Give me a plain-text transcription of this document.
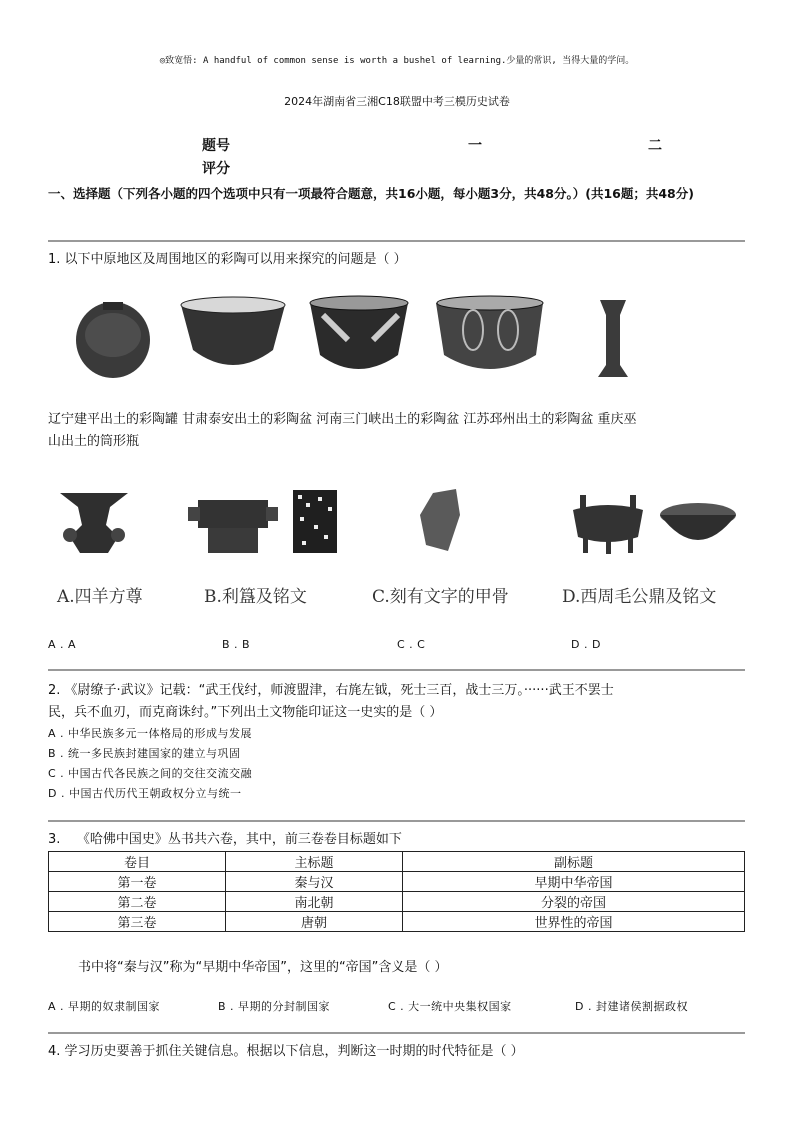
◎致宽悟: A handful of common sense is worth a bushel of learning.少量的常识, 当得大量的学问。
2024年湖南省三湘C18联盟中考三模历史试卷
题号	一	二
评分
一、选择题（下列各小题的四个选项中只有一项最符合题意，共16小题，每小题3分，共48分。）(共16题；共48分)
1. 以下中原地区及周围地区的彩陶可以用来探究的问题是（ ）
辽宁建平出土的彩陶罐 甘肃泰安出土的彩陶盆 河南三门峡出土的彩陶盆 江苏邳州出土的彩陶盆 重庆巫
山出土的筒形瓶
A.四羊方尊	B.利簋及铭文	C.刻有文字的甲骨	D.西周毛公鼎及铭文
A . A	B . B	C . C	D . D
2. 《尉缭子·武议》记载：“武王伐纣，师渡盟津，右旄左钺，死士三百，战士三万。······武王不罢士
民，兵不血刃，而克商诛纣。”下列出土文物能印证这一史实的是（ ）
A . 中华民族多元一体格局的形成与发展
B . 统一多民族封建国家的建立与巩固
C . 中国古代各民族之间的交往交流交融
D . 中国古代历代王朝政权分立与统一
3.    《哈佛中国史》丛书共六卷，其中，前三卷卷目标题如下
卷目	主标题	副标题
第一卷	秦与汉	早期中华帝国
第二卷	南北朝	分裂的帝国
第三卷	唐朝	世界性的帝国
书中将“秦与汉”称为“早期中华帝国”，这里的“帝国”含义是（ ）
A . 早期的奴隶制国家	B . 早期的分封制国家	C . 大一统中央集权国家	D . 封建诸侯割据政权
4. 学习历史要善于抓住关键信息。根据以下信息，判断这一时期的时代特征是（ ）
